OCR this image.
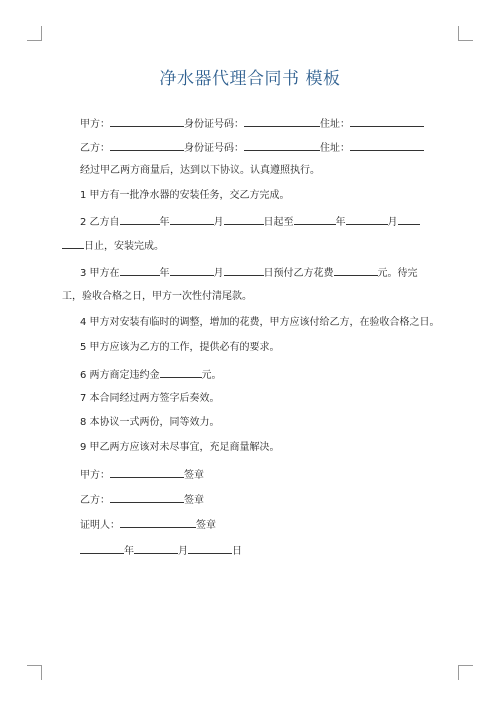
净水器代理合同书 模板
甲方：	身份证号码：	住址：
乙方：	身份证号码：	住址：
经过甲乙两方商量后，达到以下协议。认真遵照执行。
1 甲方有一批净水器的安装任务，交乙方完成。
2 乙方自	年	月	日起至	年	月
日止，安装完成。
3 甲方在	年	月	日预付乙方花费	元。待完
工，验收合格之日，甲方一次性付清尾款。
4 甲方对安装有临时的调整，增加的花费，甲方应该付给乙方，在验收合格之日。
5 甲方应该为乙方的工作，提供必有的要求。
6 两方商定违约金	元。
7 本合同经过两方签字后奏效。
8 本协议一式两份，同等效力。
9 甲乙两方应该对未尽事宜，充足商量解决。
甲方：	签章
乙方：	签章
证明人：	签章
年	月	日
